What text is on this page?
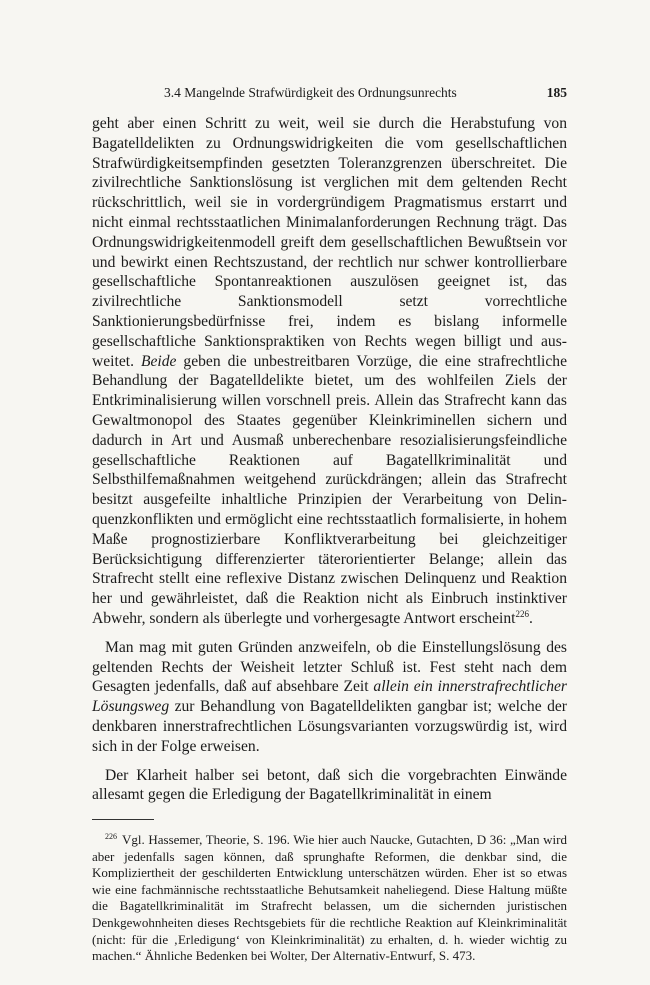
3.4 Mangelnde Strafwürdigkeit des Ordnungsunrechts	185

geht aber einen Schritt zu weit, weil sie durch die Herabstufung von Bagatelldelikten zu Ordnungswidrigkeiten die vom gesellschaftlichen Strafwürdigkeitsempfinden gesetzten Toleranzgrenzen überschreitet. Die zivilrechtliche Sanktionslösung ist verglichen mit dem geltenden Recht rückschrittlich, weil sie in vordergründigem Pragmatismus erstarrt und nicht einmal rechtsstaatlichen Minimalanforderungen Rechnung trägt. Das Ordnungswidrigkeitenmodell greift dem gesellschaftlichen Bewußtsein vor und bewirkt einen Rechtszustand, der rechtlich nur schwer kontrollierbare gesellschaftliche Spontanreaktionen auszulösen geeignet ist, das zivilrechtliche Sanktionsmodell setzt vorrechtliche Sanktionierungsbedürfnisse frei, indem es bislang informelle gesellschaftliche Sanktionspraktiken von Rechts wegen billigt und ausweitet. Beide geben die unbestreitbaren Vorzüge, die eine strafrechtliche Behandlung der Bagatelldelikte bietet, um des wohlfeilen Ziels der Entkriminalisierung willen vorschnell preis. Allein das Strafrecht kann das Gewaltmonopol des Staates gegenüber Kleinkriminellen sichern und dadurch in Art und Ausmaß unberechenbare resozialisierungsfeindliche gesellschaftliche Reaktionen auf Bagatellkriminalität und Selbsthilfemaßnahmen weitgehend zurückdrängen; allein das Strafrecht besitzt ausgefeilte inhaltliche Prinzipien der Verarbeitung von Delinquenzkonflikten und ermöglicht eine rechtsstaatlich formalisierte, in hohem Maße prognostizierbare Konfliktverarbeitung bei gleichzeitiger Berücksichtigung differenzierter täterorientierter Belange; allein das Strafrecht stellt eine reflexive Distanz zwischen Delinquenz und Reaktion her und gewährleistet, daß die Reaktion nicht als Einbruch instinktiver Abwehr, sondern als überlegte und vorhergesagte Antwort erscheint$^{226}$.

Man mag mit guten Gründen anzweifeln, ob die Einstellungslösung des geltenden Rechts der Weisheit letzter Schluß ist. Fest steht nach dem Gesagten jedenfalls, daß auf absehbare Zeit allein ein innerstrafrechtlicher Lösungsweg zur Behandlung von Bagatelldelikten gangbar ist; welche der denkbaren innerstrafrechtlichen Lösungsvarianten vorzugswürdig ist, wird sich in der Folge erweisen.

Der Klarheit halber sei betont, daß sich die vorgebrachten Einwände allesamt gegen die Erledigung der Bagatellkriminalität in einem

$^{226}$ Vgl. Hassemer, Theorie, S. 196. Wie hier auch Naucke, Gutachten, D 36: „Man wird aber jedenfalls sagen können, daß sprunghafte Reformen, die denkbar sind, die Kompliziertheit der geschilderten Entwicklung unterschätzen würden. Eher ist so etwas wie eine fachmännische rechtsstaatliche Behutsamkeit naheliegend. Diese Haltung müßte die Bagatellkriminalität im Strafrecht belassen, um die sichernden juristischen Denkgewohnheiten dieses Rechtsgebiets für die rechtliche Reaktion auf Kleinkriminalität (nicht: für die ‚Erledigung‘ von Kleinkriminalität) zu erhalten, d. h. wieder wichtig zu machen.“ Ähnliche Bedenken bei Wolter, Der Alternativ-Entwurf, S. 473.
